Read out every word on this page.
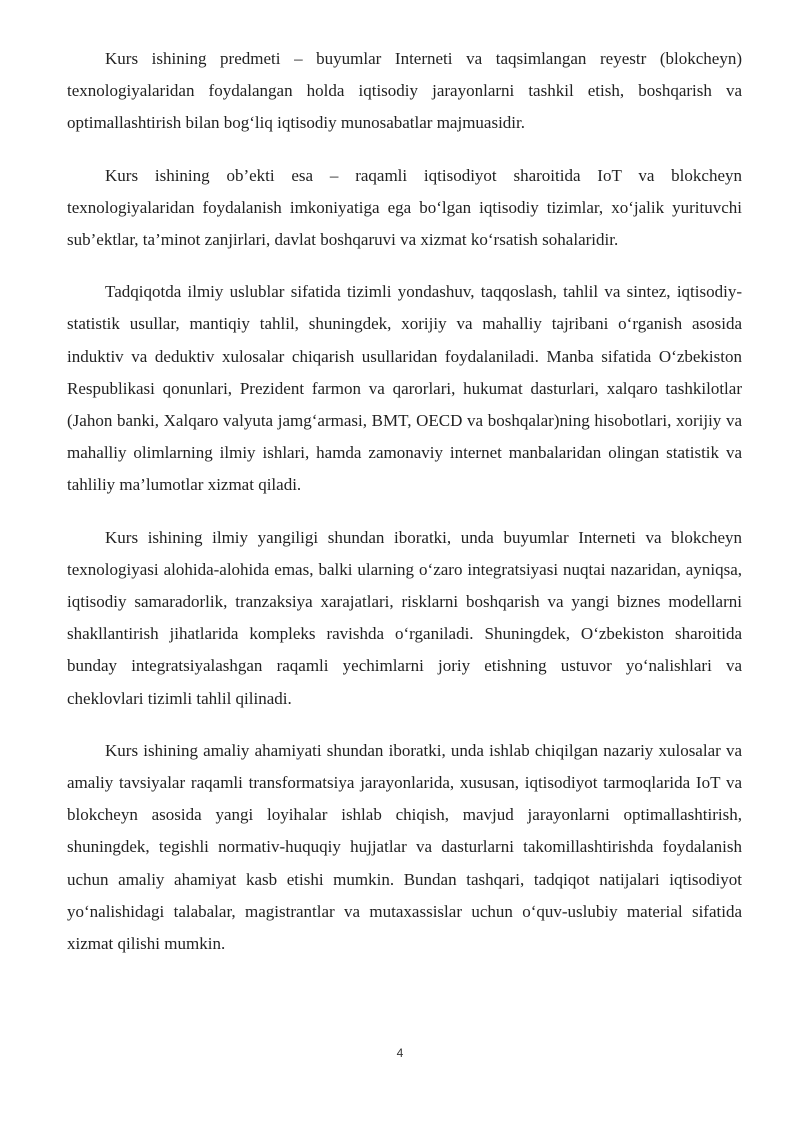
Kurs ishining predmeti – buyumlar Interneti va taqsimlangan reyestr (blokcheyn) texnologiyalaridan foydalangan holda iqtisodiy jarayonlarni tashkil etish, boshqarish va optimallashtirish bilan bog‘liq iqtisodiy munosabatlar majmuasidir.

Kurs ishining ob’ekti esa – raqamli iqtisodiyot sharoitida IoT va blokcheyn texnologiyalaridan foydalanish imkoniyatiga ega bo‘lgan iqtisodiy tizimlar, xo‘jalik yurituvchi sub’ektlar, ta’minot zanjirlari, davlat boshqaruvi va xizmat ko‘rsatish sohalaridir.

Tadqiqotda ilmiy uslublar sifatida tizimli yondashuv, taqqoslash, tahlil va sintez, iqtisodiy-statistik usullar, mantiqiy tahlil, shuningdek, xorijiy va mahalliy tajribani o‘rganish asosida induktiv va deduktiv xulosalar chiqarish usullaridan foydalaniladi. Manba sifatida O‘zbekiston Respublikasi qonunlari, Prezident farmon va qarorlari, hukumat dasturlari, xalqaro tashkilotlar (Jahon banki, Xalqaro valyuta jamg‘armasi, BMT, OECD va boshqalar)ning hisobotlari, xorijiy va mahalliy olimlarning ilmiy ishlari, hamda zamonaviy internet manbalaridan olingan statistik va tahliliy ma’lumotlar xizmat qiladi.

Kurs ishining ilmiy yangiligi shundan iboratki, unda buyumlar Interneti va blokcheyn texnologiyasi alohida-alohida emas, balki ularning o‘zaro integratsiyasi nuqtai nazaridan, ayniqsa, iqtisodiy samaradorlik, tranzaksiya xarajatlari, risklarni boshqarish va yangi biznes modellarni shakllantirish jihatlarida kompleks ravishda o‘rganiladi. Shuningdek, O‘zbekiston sharoitida bunday integratsiyalashgan raqamli yechimlarni joriy etishning ustuvor yo‘nalishlari va cheklovlari tizimli tahlil qilinadi.

Kurs ishining amaliy ahamiyati shundan iboratki, unda ishlab chiqilgan nazariy xulosalar va amaliy tavsiyalar raqamli transformatsiya jarayonlarida, xususan, iqtisodiyot tarmoqlarida IoT va blokcheyn asosida yangi loyihalar ishlab chiqish, mavjud jarayonlarni optimallashtirish, shuningdek, tegishli normativ-huquqiy hujjatlar va dasturlarni takomillashtirishda foydalanish uchun amaliy ahamiyat kasb etishi mumkin. Bundan tashqari, tadqiqot natijalari iqtisodiyot yo‘nalishidagi talabalar, magistrantlar va mutaxassislar uchun o‘quv-uslubiy material sifatida xizmat qilishi mumkin.

4
